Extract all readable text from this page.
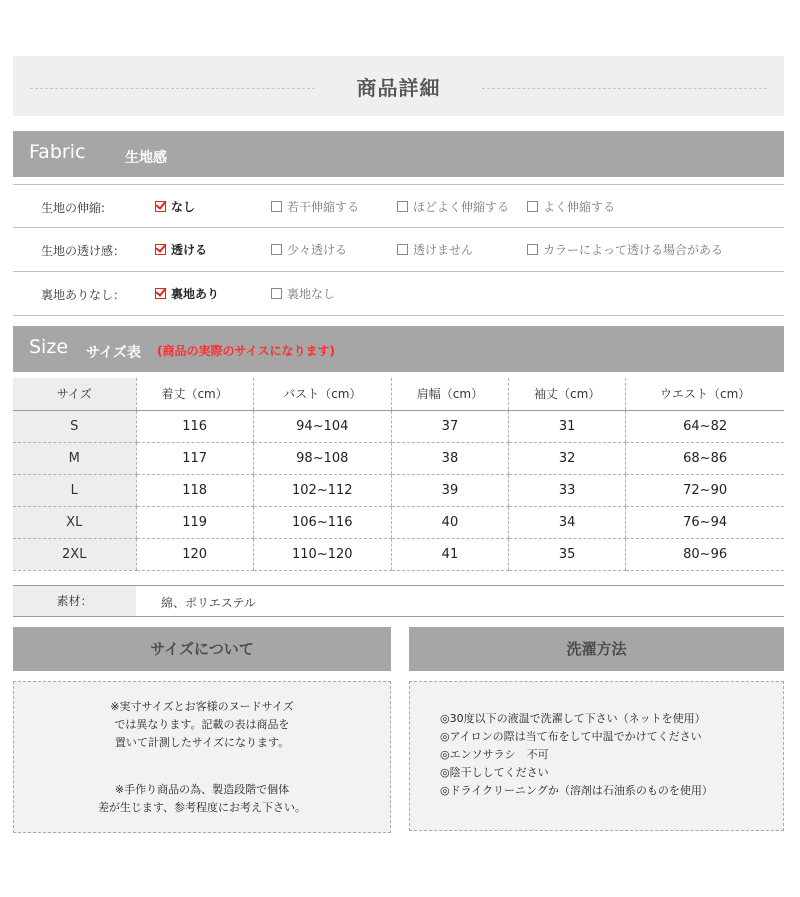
商品詳細
Fabric	生地感
生地の伸縮:	なし	若干伸縮する	ほどよく伸縮する	よく伸縮する
生地の透け感：	透ける	少々透ける	透けません	カラーによって透ける場合がある
裏地ありなし：	裏地あり	裏地なし
Size サイズ表 (商品の実際のサイスになります)
サイズ	着丈（cm）	バスト（cm）	肩幅（cm）	袖丈（cm）	ウエスト（cm）
S	116	94~104	37	31	64~82
M	117	98~108	38	32	68~86
L	118	102~112	39	33	72~90
XL	119	106~116	40	34	76~94
2XL	120	110~120	41	35	80~96
素材：	綿、ポリエステル
サイズについて

※実寸サイズとお客様のヌードサイズ

では異なります。記載の表は商品を

置いて計測したサイズになります。

※手作り商品の為、製造段階で個体

差が生じます、参考程度にお考え下さい。

洗濯方法
◎30度以下の液温で洗濯して下さい（ネットを使用）
◎アイロンの際は当て布をして中温でかけてください
◎エンソサラシ　不可
◎陰干ししてください
◎ドライクリーニングか（溶剤は石油系のものを使用）
